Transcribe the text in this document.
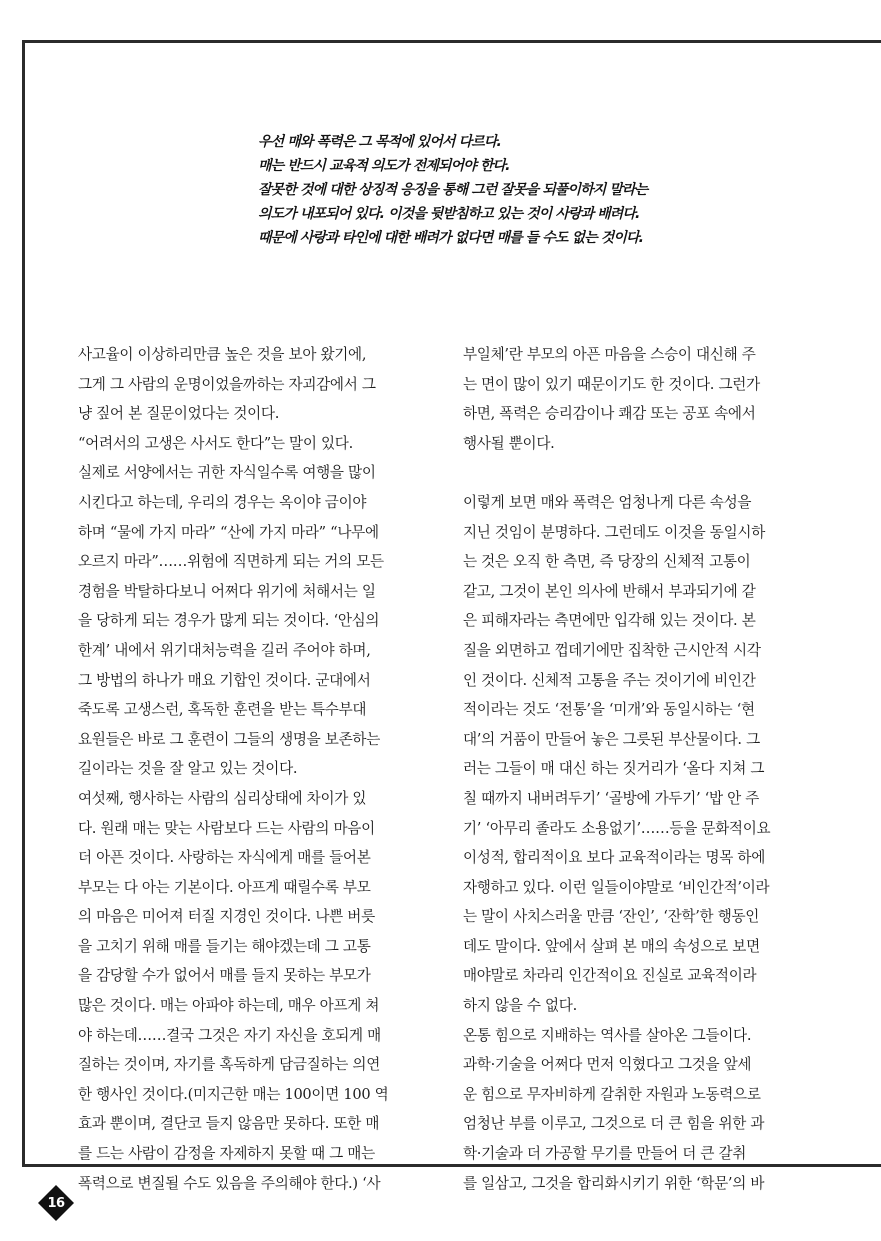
우선 매와 폭력은 그 목적에 있어서 다르다.
매는 반드시 교육적 의도가 전제되어야 한다.
잘못한 것에 대한 상징적 응징을 통해 그런 잘못을 되풀이하지 말라는
의도가 내포되어 있다. 이것을 뒷받침하고 있는 것이 사랑과 배려다.
때문에 사랑과 타인에 대한 배려가 없다면 매를 들 수도 없는 것이다.
사고율이 이상하리만큼 높은 것을 보아 왔기에,
그게 그 사람의 운명이었을까하는 자괴감에서 그
냥 짚어 본 질문이었다는 것이다.
“어려서의 고생은 사서도 한다”는 말이 있다.
실제로 서양에서는 귀한 자식일수록 여행을 많이
시킨다고 하는데, 우리의 경우는 옥이야 금이야
하며 “물에 가지 마라” “산에 가지 마라” “나무에
오르지 마라”……위험에 직면하게 되는 거의 모든
경험을 박탈하다보니 어쩌다 위기에 처해서는 일
을 당하게 되는 경우가 많게 되는 것이다. ‘안심의
한계’ 내에서 위기대처능력을 길러 주어야 하며,
그 방법의 하나가 매요 기합인 것이다. 군대에서
죽도록 고생스런, 혹독한 훈련을 받는 특수부대
요원들은 바로 그 훈련이 그들의 생명을 보존하는
길이라는 것을 잘 알고 있는 것이다.
여섯째, 행사하는 사람의 심리상태에 차이가 있
다. 원래 매는 맞는 사람보다 드는 사람의 마음이
더 아픈 것이다. 사랑하는 자식에게 매를 들어본
부모는 다 아는 기본이다. 아프게 때릴수록 부모
의 마음은 미어져 터질 지경인 것이다. 나쁜 버릇
을 고치기 위해 매를 들기는 해야겠는데 그 고통
을 감당할 수가 없어서 매를 들지 못하는 부모가
많은 것이다. 매는 아파야 하는데, 매우 아프게 쳐
야 하는데……결국 그것은 자기 자신을 호되게 매
질하는 것이며, 자기를 혹독하게 담금질하는 의연
한 행사인 것이다.(미지근한 매는 100이면 100 역
효과 뿐이며, 결단코 들지 않음만 못하다. 또한 매
를 드는 사람이 감정을 자제하지 못할 때 그 매는
폭력으로 변질될 수도 있음을 주의해야 한다.) ‘사
부일체’란 부모의 아픈 마음을 스승이 대신해 주
는 면이 많이 있기 때문이기도 한 것이다. 그런가
하면, 폭력은 승리감이나 쾌감 또는 공포 속에서
행사될 뿐이다.
이렇게 보면 매와 폭력은 엄청나게 다른 속성을
지닌 것임이 분명하다. 그런데도 이것을 동일시하
는 것은 오직 한 측면, 즉 당장의 신체적 고통이
같고, 그것이 본인 의사에 반해서 부과되기에 같
은 피해자라는 측면에만 입각해 있는 것이다. 본
질을 외면하고 껍데기에만 집착한 근시안적 시각
인 것이다. 신체적 고통을 주는 것이기에 비인간
적이라는 것도 ‘전통’을 ‘미개’와 동일시하는 ‘현
대’의 거품이 만들어 놓은 그릇된 부산물이다. 그
러는 그들이 매 대신 하는 짓거리가 ‘올다 지쳐 그
칠 때까지 내버려두기’ ‘골방에 가두기’ ‘밥 안 주
기’ ‘아무리 졸라도 소용없기’……등을 문화적이요
이성적, 합리적이요 보다 교육적이라는 명목 하에
자행하고 있다. 이런 일들이야말로 ‘비인간적’이라
는 말이 사치스러울 만큼 ‘잔인’, ‘잔학’한 행동인
데도 말이다. 앞에서 살펴 본 매의 속성으로 보면
매야말로 차라리 인간적이요 진실로 교육적이라
하지 않을 수 없다.
온통 힘으로 지배하는 역사를 살아온 그들이다.
과학·기술을 어쩌다 먼저 익혔다고 그것을 앞세
운 힘으로 무자비하게 갈취한 자원과 노동력으로
엄청난 부를 이루고, 그것으로 더 큰 힘을 위한 과
학·기술과 더 가공할 무기를 만들어 더 큰 갈취
를 일삼고, 그것을 합리화시키기 위한 ‘학문’의 바
16
